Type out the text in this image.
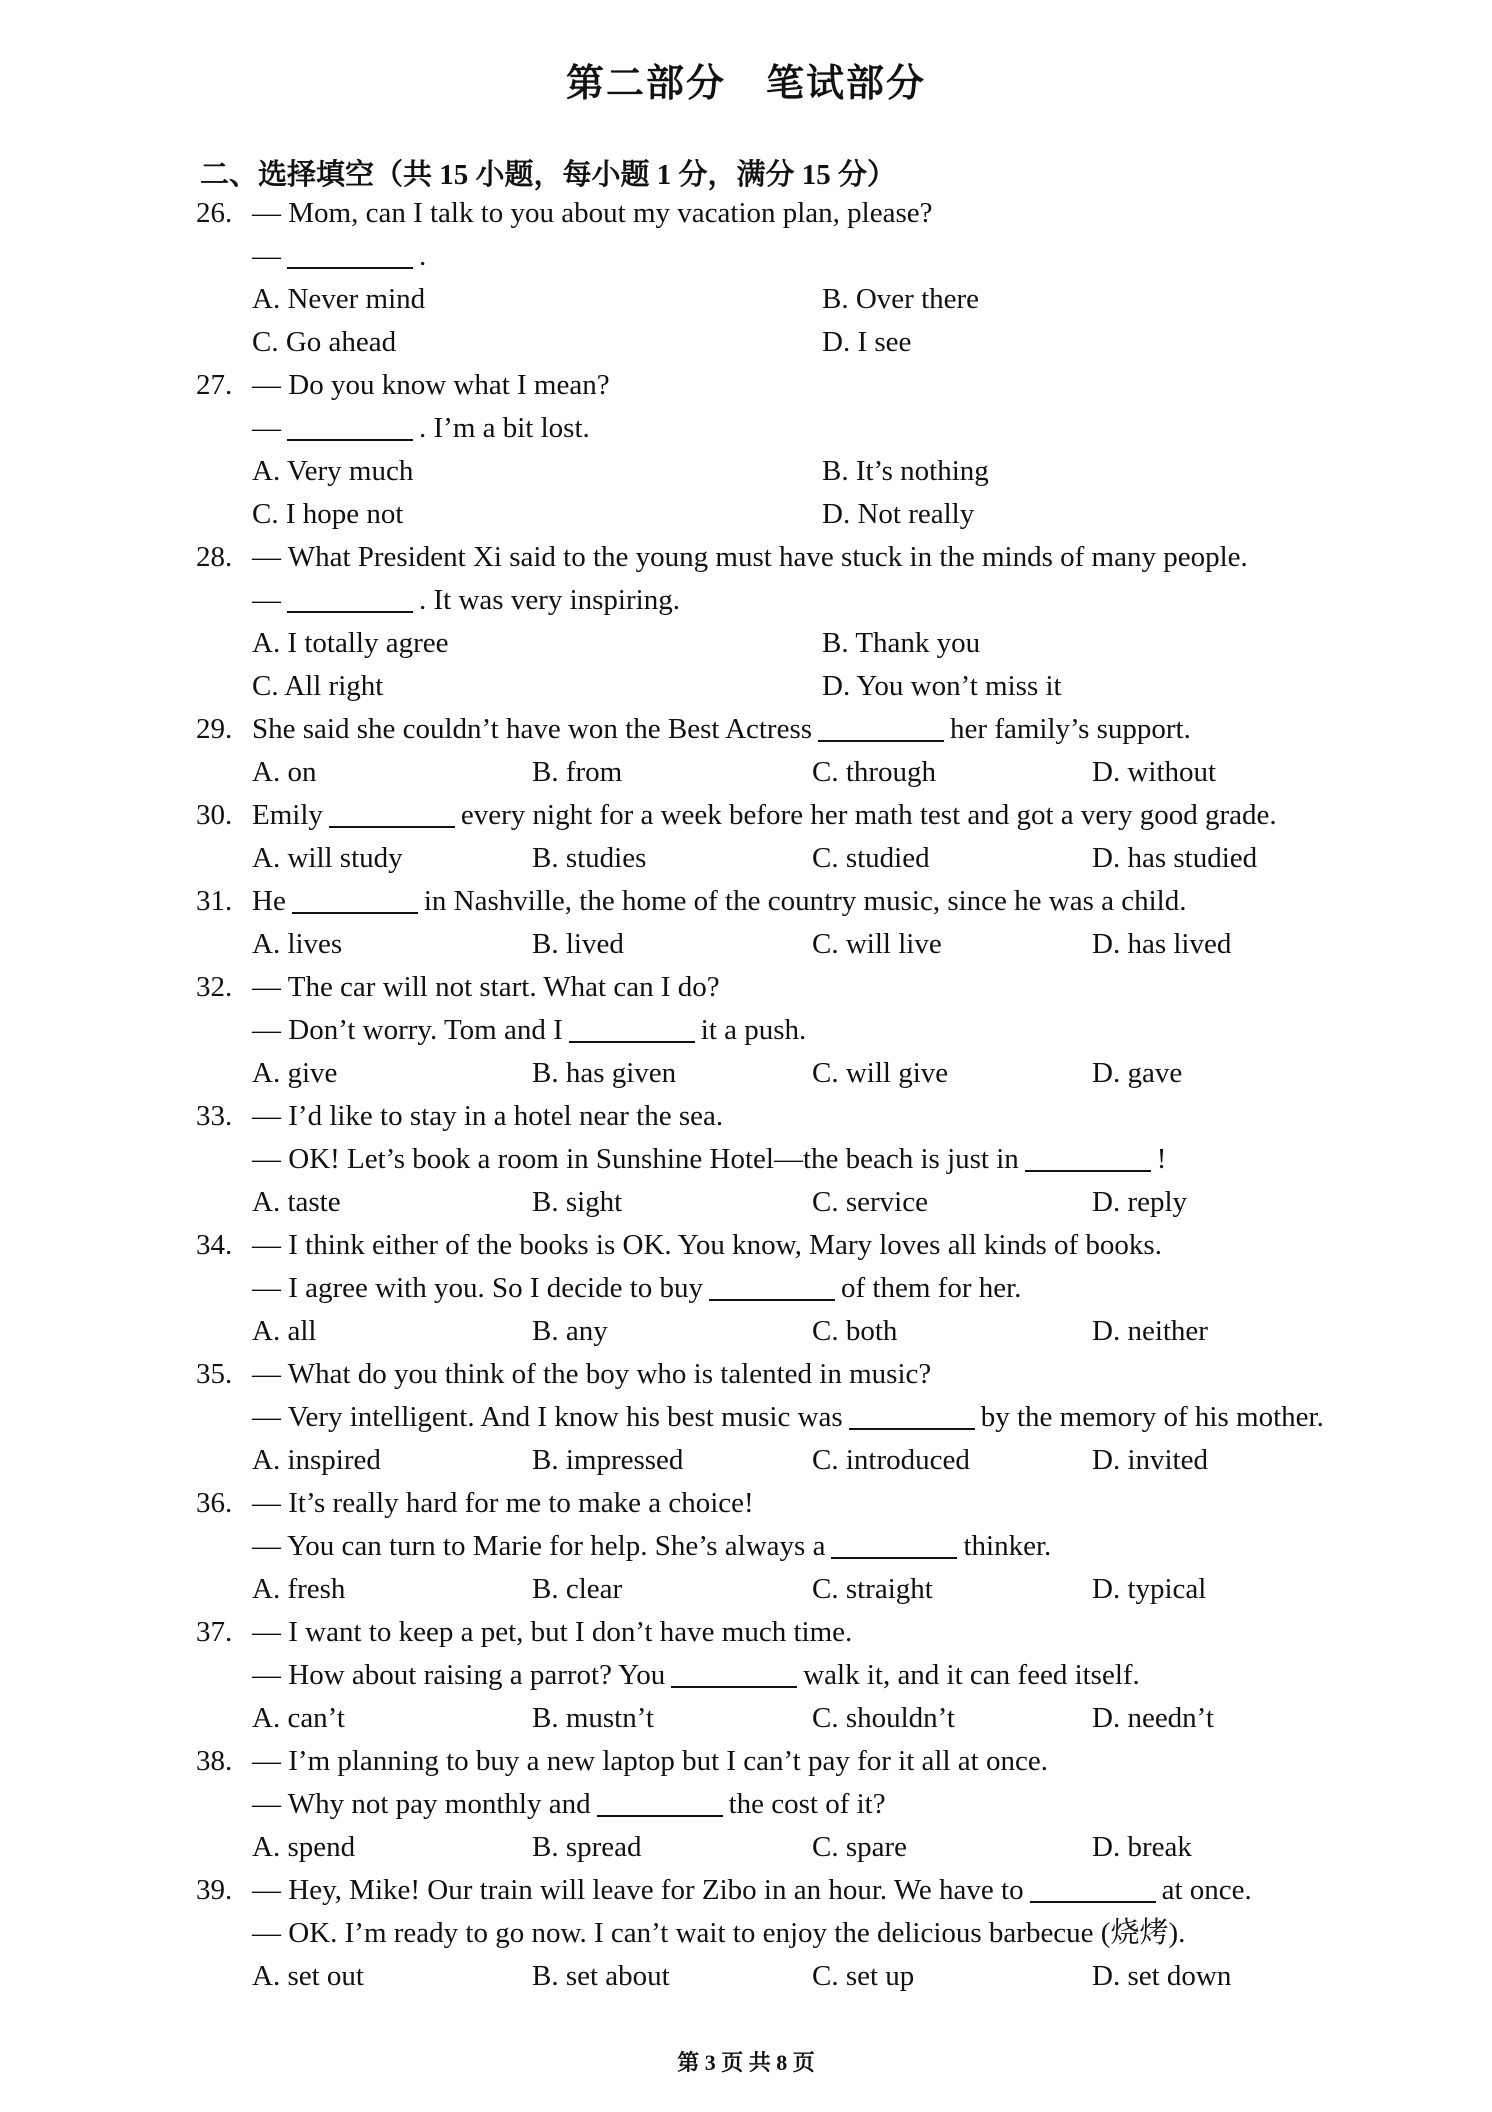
第二部分　笔试部分
二、选择填空（共 15 小题，每小题 1 分，满分 15 分）
26. — Mom, can I talk to you about my vacation plan, please?
—	.
A. Never mind	B. Over there
C. Go ahead	D. I see
27. — Do you know what I mean?
—	. I’m a bit lost.
A. Very much	B. It’s nothing
C. I hope not	D. Not really
28. — What President Xi said to the young must have stuck in the minds of many people.
—	. It was very inspiring.
A. I totally agree	B. Thank you
C. All right	D. You won’t miss it
29. She said she couldn’t have won the Best Actress	her family’s support.
A. on	B. from	C. through	D. without
30. Emily	every night for a week before her math test and got a very good grade.
A. will study	B. studies	C. studied	D. has studied
31. He	in Nashville, the home of the country music, since he was a child.
A. lives	B. lived	C. will live	D. has lived
32. — The car will not start. What can I do?
— Don’t worry. Tom and I	it a push.
A. give	B. has given	C. will give	D. gave
33. — I’d like to stay in a hotel near the sea.
— OK! Let’s book a room in Sunshine Hotel—the beach is just in	!
A. taste	B. sight	C. service	D. reply
34. — I think either of the books is OK. You know, Mary loves all kinds of books.
— I agree with you. So I decide to buy	of them for her.
A. all	B. any	C. both	D. neither
35. — What do you think of the boy who is talented in music?
— Very intelligent. And I know his best music was	by the memory of his mother.
A. inspired	B. impressed	C. introduced	D. invited
36. — It’s really hard for me to make a choice!
— You can turn to Marie for help. She’s always a	thinker.
A. fresh	B. clear	C. straight	D. typical
37. — I want to keep a pet, but I don’t have much time.
— How about raising a parrot? You	walk it, and it can feed itself.
A. can’t	B. mustn’t	C. shouldn’t	D. needn’t
38. — I’m planning to buy a new laptop but I can’t pay for it all at once.
— Why not pay monthly and	the cost of it?
A. spend	B. spread	C. spare	D. break
39. — Hey, Mike! Our train will leave for Zibo in an hour. We have to	at once.
— OK. I’m ready to go now. I can’t wait to enjoy the delicious barbecue (烧烤).
A. set out	B. set about	C. set up	D. set down
第 3 页 共 8 页
